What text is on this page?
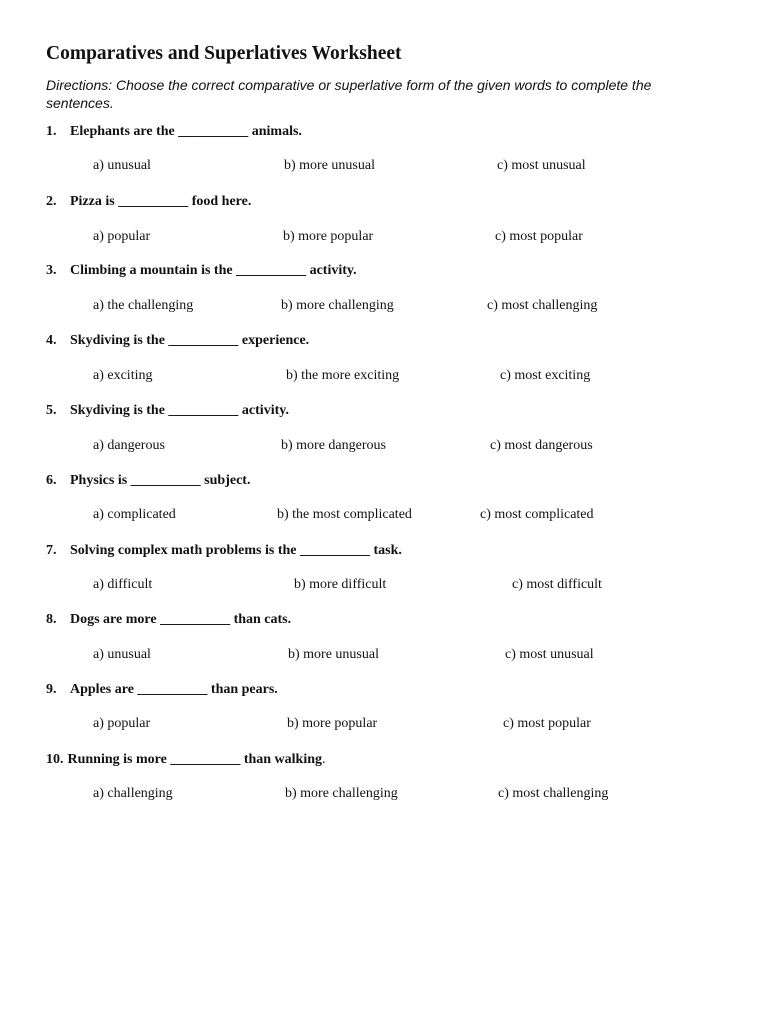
Comparatives and Superlatives Worksheet

Directions: Choose the correct comparative or superlative form of the given words to complete the sentences.

1. Elephants are the __________ animals.
a) unusual	b) more unusual	c) most unusual
2. Pizza is __________ food here.
a) popular	b) more popular	c) most popular
3. Climbing a mountain is the __________ activity.
a) the challenging	b) more challenging	c) most challenging
4. Skydiving is the __________ experience.
a) exciting	b) the more exciting	c) most exciting
5. Skydiving is the __________ activity.
a) dangerous	b) more dangerous	c) most dangerous
6. Physics is __________ subject.
a) complicated	b) the most complicated	c) most complicated
7. Solving complex math problems is the __________ task.
a) difficult	b) more difficult	c) most difficult
8. Dogs are more __________ than cats.
a) unusual	b) more unusual	c) most unusual
9. Apples are __________ than pears.
a) popular	b) more popular	c) most popular
10. Running is more __________ than walking.
a) challenging	b) more challenging	c) most challenging
